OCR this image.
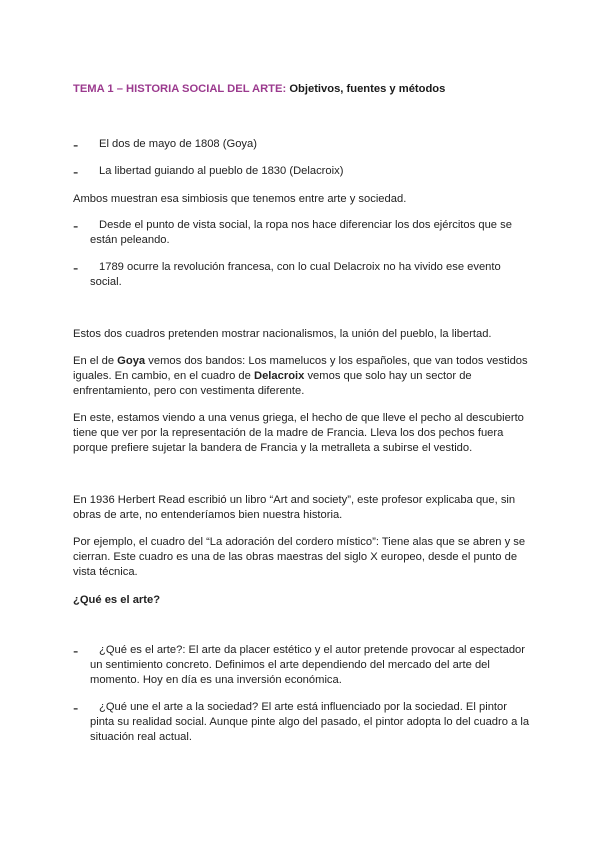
TEMA 1 – HISTORIA SOCIAL DEL ARTE: Objetivos, fuentes y métodos

-	El dos de mayo de 1808 (Goya)
-	La libertad guiando al pueblo de 1830 (Delacroix)

Ambos muestran esa simbiosis que tenemos entre arte y sociedad.

-	Desde el punto de vista social, la ropa nos hace diferenciar los dos ejércitos que se
están peleando.
-	1789 ocurre la revolución francesa, con lo cual Delacroix no ha vivido ese evento
social.

Estos dos cuadros pretenden mostrar nacionalismos, la unión del pueblo, la libertad.

En el de Goya vemos dos bandos: Los mamelucos y los españoles, que van todos vestidos

iguales. En cambio, en el cuadro de Delacroix vemos que solo hay un sector de

enfrentamiento, pero con vestimenta diferente.

En este, estamos viendo a una venus griega, el hecho de que lleve el pecho al descubierto

tiene que ver por la representación de la madre de Francia. Lleva los dos pechos fuera

porque prefiere sujetar la bandera de Francia y la metralleta a subirse el vestido.

En 1936 Herbert Read escribió un libro “Art and society”, este profesor explicaba que, sin

obras de arte, no entenderíamos bien nuestra historia.

Por ejemplo, el cuadro del “La adoración del cordero místico”: Tiene alas que se abren y se

cierran. Este cuadro es una de las obras maestras del siglo X europeo, desde el punto de

vista técnica.

¿Qué es el arte?

-	¿Qué es el arte?: El arte da placer estético y el autor pretende provocar al espectador
un sentimiento concreto. Definimos el arte dependiendo del mercado del arte del
momento. Hoy en día es una inversión económica.
-	¿Qué une el arte a la sociedad? El arte está influenciado por la sociedad. El pintor
pinta su realidad social. Aunque pinte algo del pasado, el pintor adopta lo del cuadro a la
situación real actual.
